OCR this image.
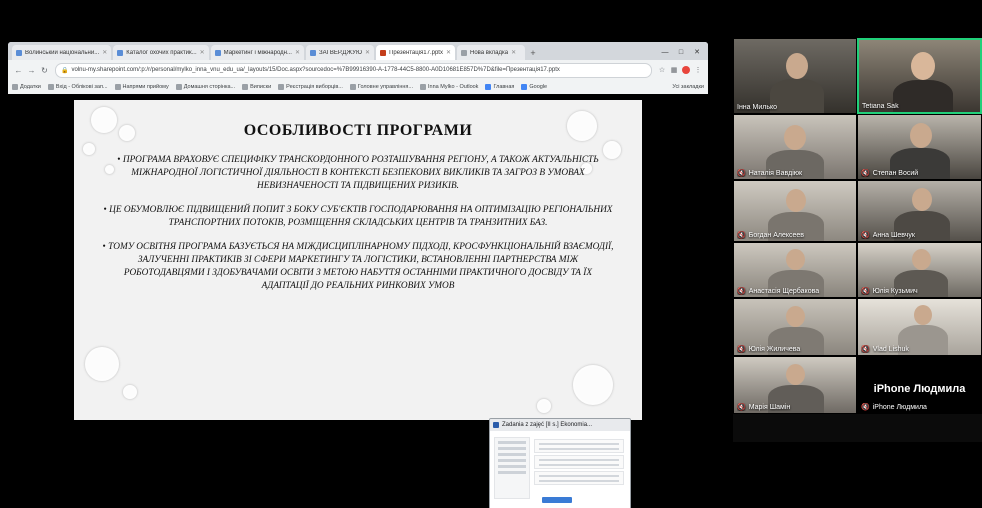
Волинський національни... ✕	Каталог охочих практик... ✕	Маркетинг і міжнародн... ✕	ЗАГВЕР.ДЖУЮ ✕	Презентація17.pptx ✕	Нова вкладка ✕	+	—	□	✕
← → ↻	🔒 volnu-my.sharepoint.com/:p:/r/personal/mylko_inna_vnu_edu_ua/_layouts/15/Doc.aspx?sourcedoc=%7B99916390-A-1778-44C5-8800-A0D10681E857D%7D&file=Презентація17.pptx	☆ ▦	⋮
Додатки	Вхід - Обліковi зап...	Напрями прийому	Домашня сторінка...	Виписки	Реєстрація виборців...	Головне управління...	Inna Mylko - Outlook	Главная	Google	Усі закладки
ОСОБЛИВОСТІ ПРОГРАМИ
• ПРОГРАМА ВРАХОВУЄ СПЕЦИФІКУ ТРАНСКОРДОННОГО РОЗТАШУВАННЯ РЕГІОНУ, А ТАКОЖ АКТУАЛЬНІСТЬ МІЖНАРОДНОЇ ЛОГІСТИЧНОЇ ДІЯЛЬНОСТІ В КОНТЕКСТІ БЕЗПЕКОВИХ ВИКЛИКІВ ТА ЗАГРОЗ В УМОВАХ НЕВИЗНАЧЕНОСТІ ТА ПІДВИЩЕНИХ РИЗИКІВ.
• ЦЕ ОБУМОВЛЮЄ ПІДВИЩЕНИЙ ПОПИТ З БОКУ СУБ'ЄКТІВ ГОСПОДАРЮВАННЯ НА ОПТИМІЗАЦІЮ РЕГІОНАЛЬНИХ ТРАНСПОРТНИХ ПОТОКІВ, РОЗМІЩЕННЯ СКЛАДСЬКИХ ЦЕНТРІВ ТА ТРАНЗИТНИХ БАЗ.
• ТОМУ ОСВІТНЯ ПРОГРАМА БАЗУЄТЬСЯ НА МІЖДИСЦИПЛІНАРНОМУ ПІДХОДІ, КРОСФУНКЦІОНАЛЬНІЙ ВЗАЄМОДІЇ, ЗАЛУЧЕННІ ПРАКТИКІВ ЗІ СФЕРИ МАРКЕТИНГУ ТА ЛОГІСТИКИ, ВСТАНОВЛЕННІ ПАРТНЕРСТВА МІЖ РОБОТОДАВЦЯМИ І ЗДОБУВАЧАМИ ОСВІТИ З МЕТОЮ НАБУТТЯ ОСТАННІМИ ПРАКТИЧНОГО ДОСВІДУ ТА ЇХ АДАПТАЦІЇ ДО РЕАЛЬНИХ РИНКОВИХ УМОВ
Zadania z zajęć [II s.] Ekonomia...
Інна Милько	Tetiana Sak
🔇 Наталія Вавдіюк	🔇 Степан Восий
🔇 Богдан Алексеев	🔇 Анна Шевчук
🔇 Анастасія Щербакова	🔇 Юлія Кузьмич
🔇 Юлія Жиличева	🔇 Vlad Lishuk
🔇 Марія Шамін
iPhone Людмила
🔇 iPhone Людмила
